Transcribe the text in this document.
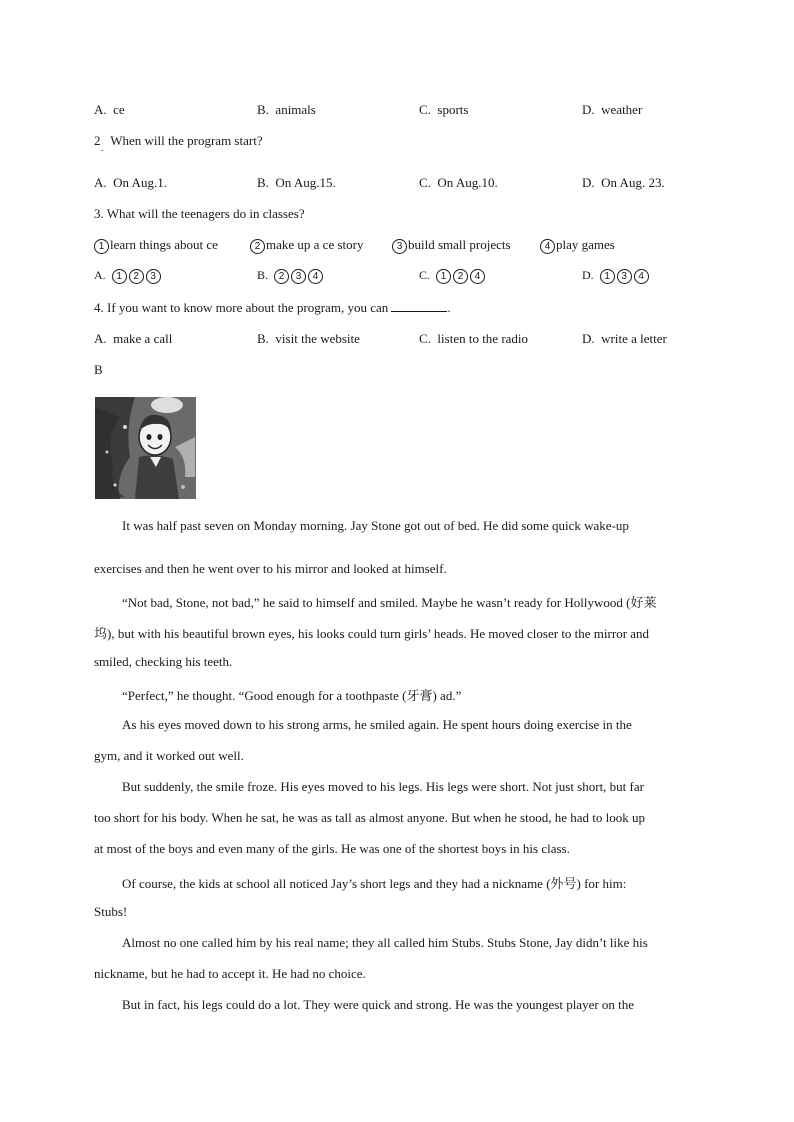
A. ce	B. animals	C. sports	D. weather
2 When will the program start?
.
A. On Aug.1.	B. On Aug.15.	C. On Aug.10.	D. On Aug. 23.
3. What will the teenagers do in classes?
1 learn things about ce	2 make up a ce story	3 build small projects	4 play games
A. 1 2 3	B. 2 3 4	C. 1 2 4	D. 1 3 4
4. If you want to know more about the program, you can	.
A. make a call	B. visit the website	C. listen to the radio	D. write a letter
B
It was half past seven on Monday morning. Jay Stone got out of bed. He did some quick wake-up
exercises and then he went over to his mirror and looked at himself.
“Not bad, Stone, not bad,” he said to himself and smiled. Maybe he wasn’t ready for Hollywood (好莱
坞), but with his beautiful brown eyes, his looks could turn girls’ heads. He moved closer to the mirror and
smiled, checking his teeth.
“Perfect,” he thought. “Good enough for a toothpaste (牙膏) ad.”
As his eyes moved down to his strong arms, he smiled again. He spent hours doing exercise in the
gym, and it worked out well.
But suddenly, the smile froze. His eyes moved to his legs. His legs were short. Not just short, but far
too short for his body. When he sat, he was as tall as almost anyone. But when he stood, he had to look up
at most of the boys and even many of the girls. He was one of the shortest boys in his class.
Of course, the kids at school all noticed Jay’s short legs and they had a nickname (外号) for him:
Stubs!
Almost no one called him by his real name; they all called him Stubs. Stubs Stone, Jay didn’t like his
nickname, but he had to accept it. He had no choice.
But in fact, his legs could do a lot. They were quick and strong. He was the youngest player on the
